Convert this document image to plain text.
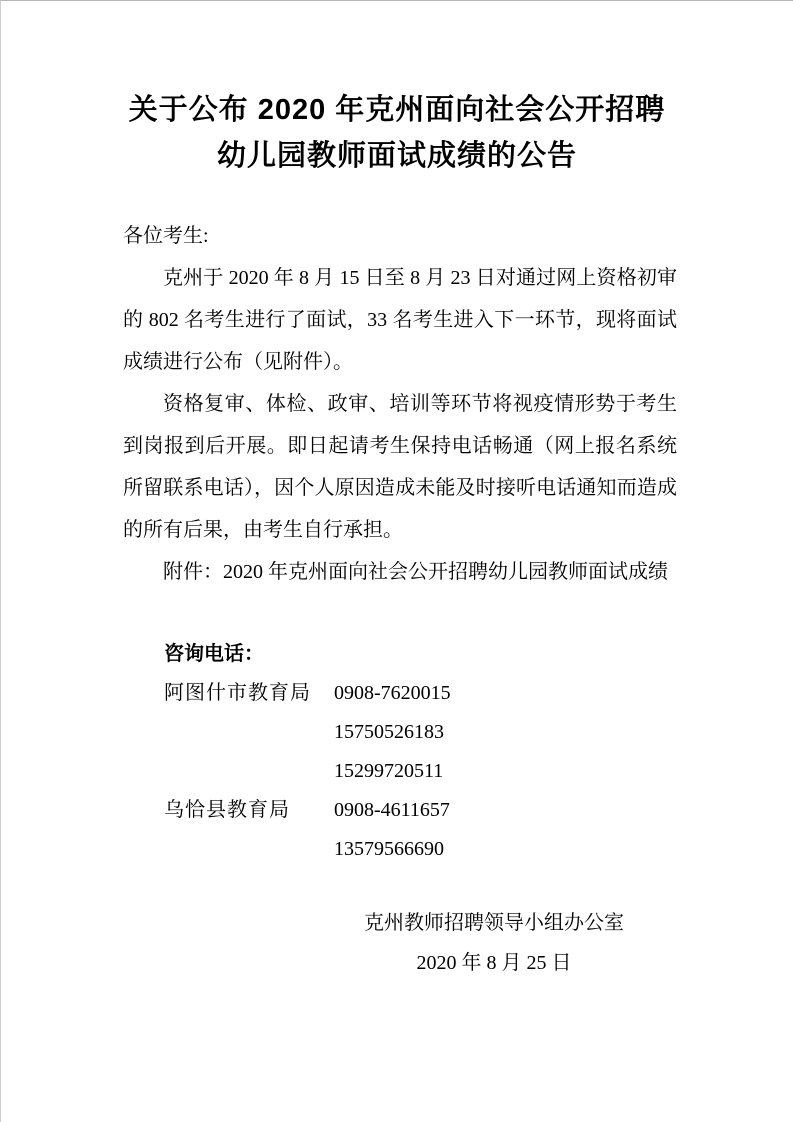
关于公布 2020 年克州面向社会公开招聘
幼儿园教师面试成绩的公告

各位考生:

克州于 2020 年 8 月 15 日至 8 月 23 日对通过网上资格初审的 802 名考生进行了面试，33 名考生进入下一环节，现将面试成绩进行公布（见附件）。

资格复审、体检、政审、培训等环节将视疫情形势于考生到岗报到后开展。即日起请考生保持电话畅通（网上报名系统所留联系电话），因个人原因造成未能及时接听电话通知而造成的所有后果，由考生自行承担。

附件：2020 年克州面向社会公开招聘幼儿园教师面试成绩

咨询电话：
阿图什市教育局	0908-7620015
15750526183
15299720511
乌恰县教育局	0908-4611657
13579566690
克州教师招聘领导小组办公室
2020 年 8 月 25 日
